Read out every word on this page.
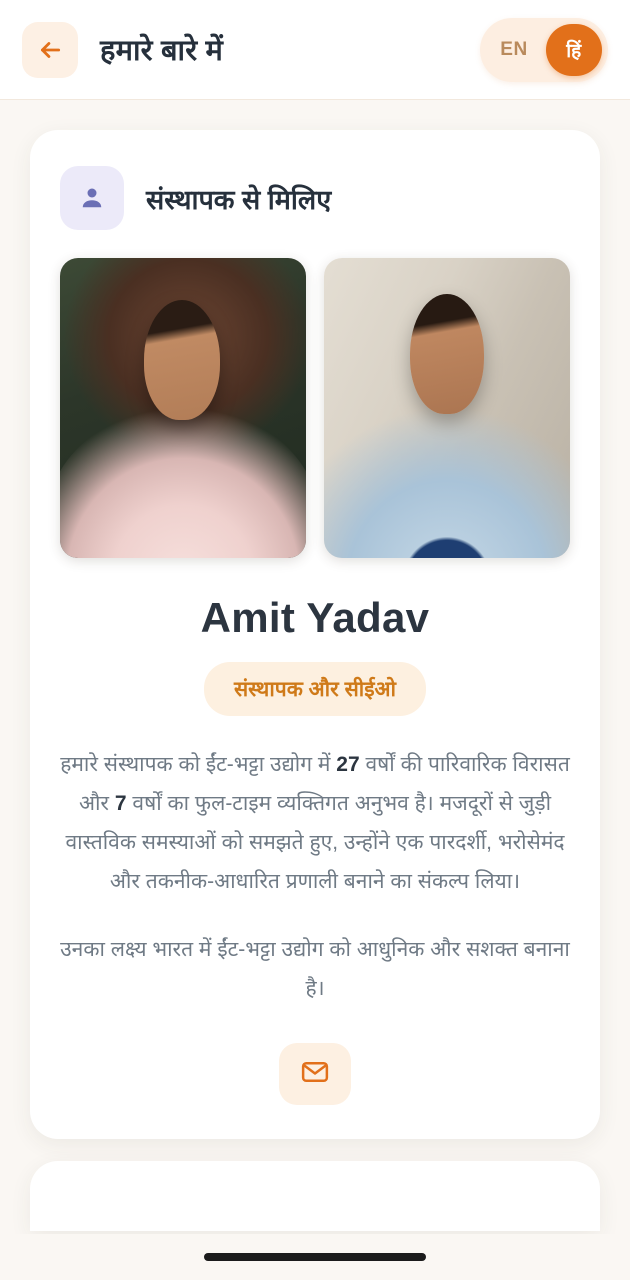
हमारे बारे में	EN	हिं
संस्थापक से मिलिए
Amit Yadav
संस्थापक और सीईओ

हमारे संस्थापक को ईंट-भट्टा उद्योग में 27 वर्षों की पारिवारिक विरासत और 7 वर्षों का फुल-टाइम व्यक्तिगत अनुभव है। मजदूरों से जुड़ी वास्तविक समस्याओं को समझते हुए, उन्होंने एक पारदर्शी, भरोसेमंद और तकनीक-आधारित प्रणाली बनाने का संकल्प लिया।

उनका लक्ष्य भारत में ईंट-भट्टा उद्योग को आधुनिक और सशक्त बनाना है।
